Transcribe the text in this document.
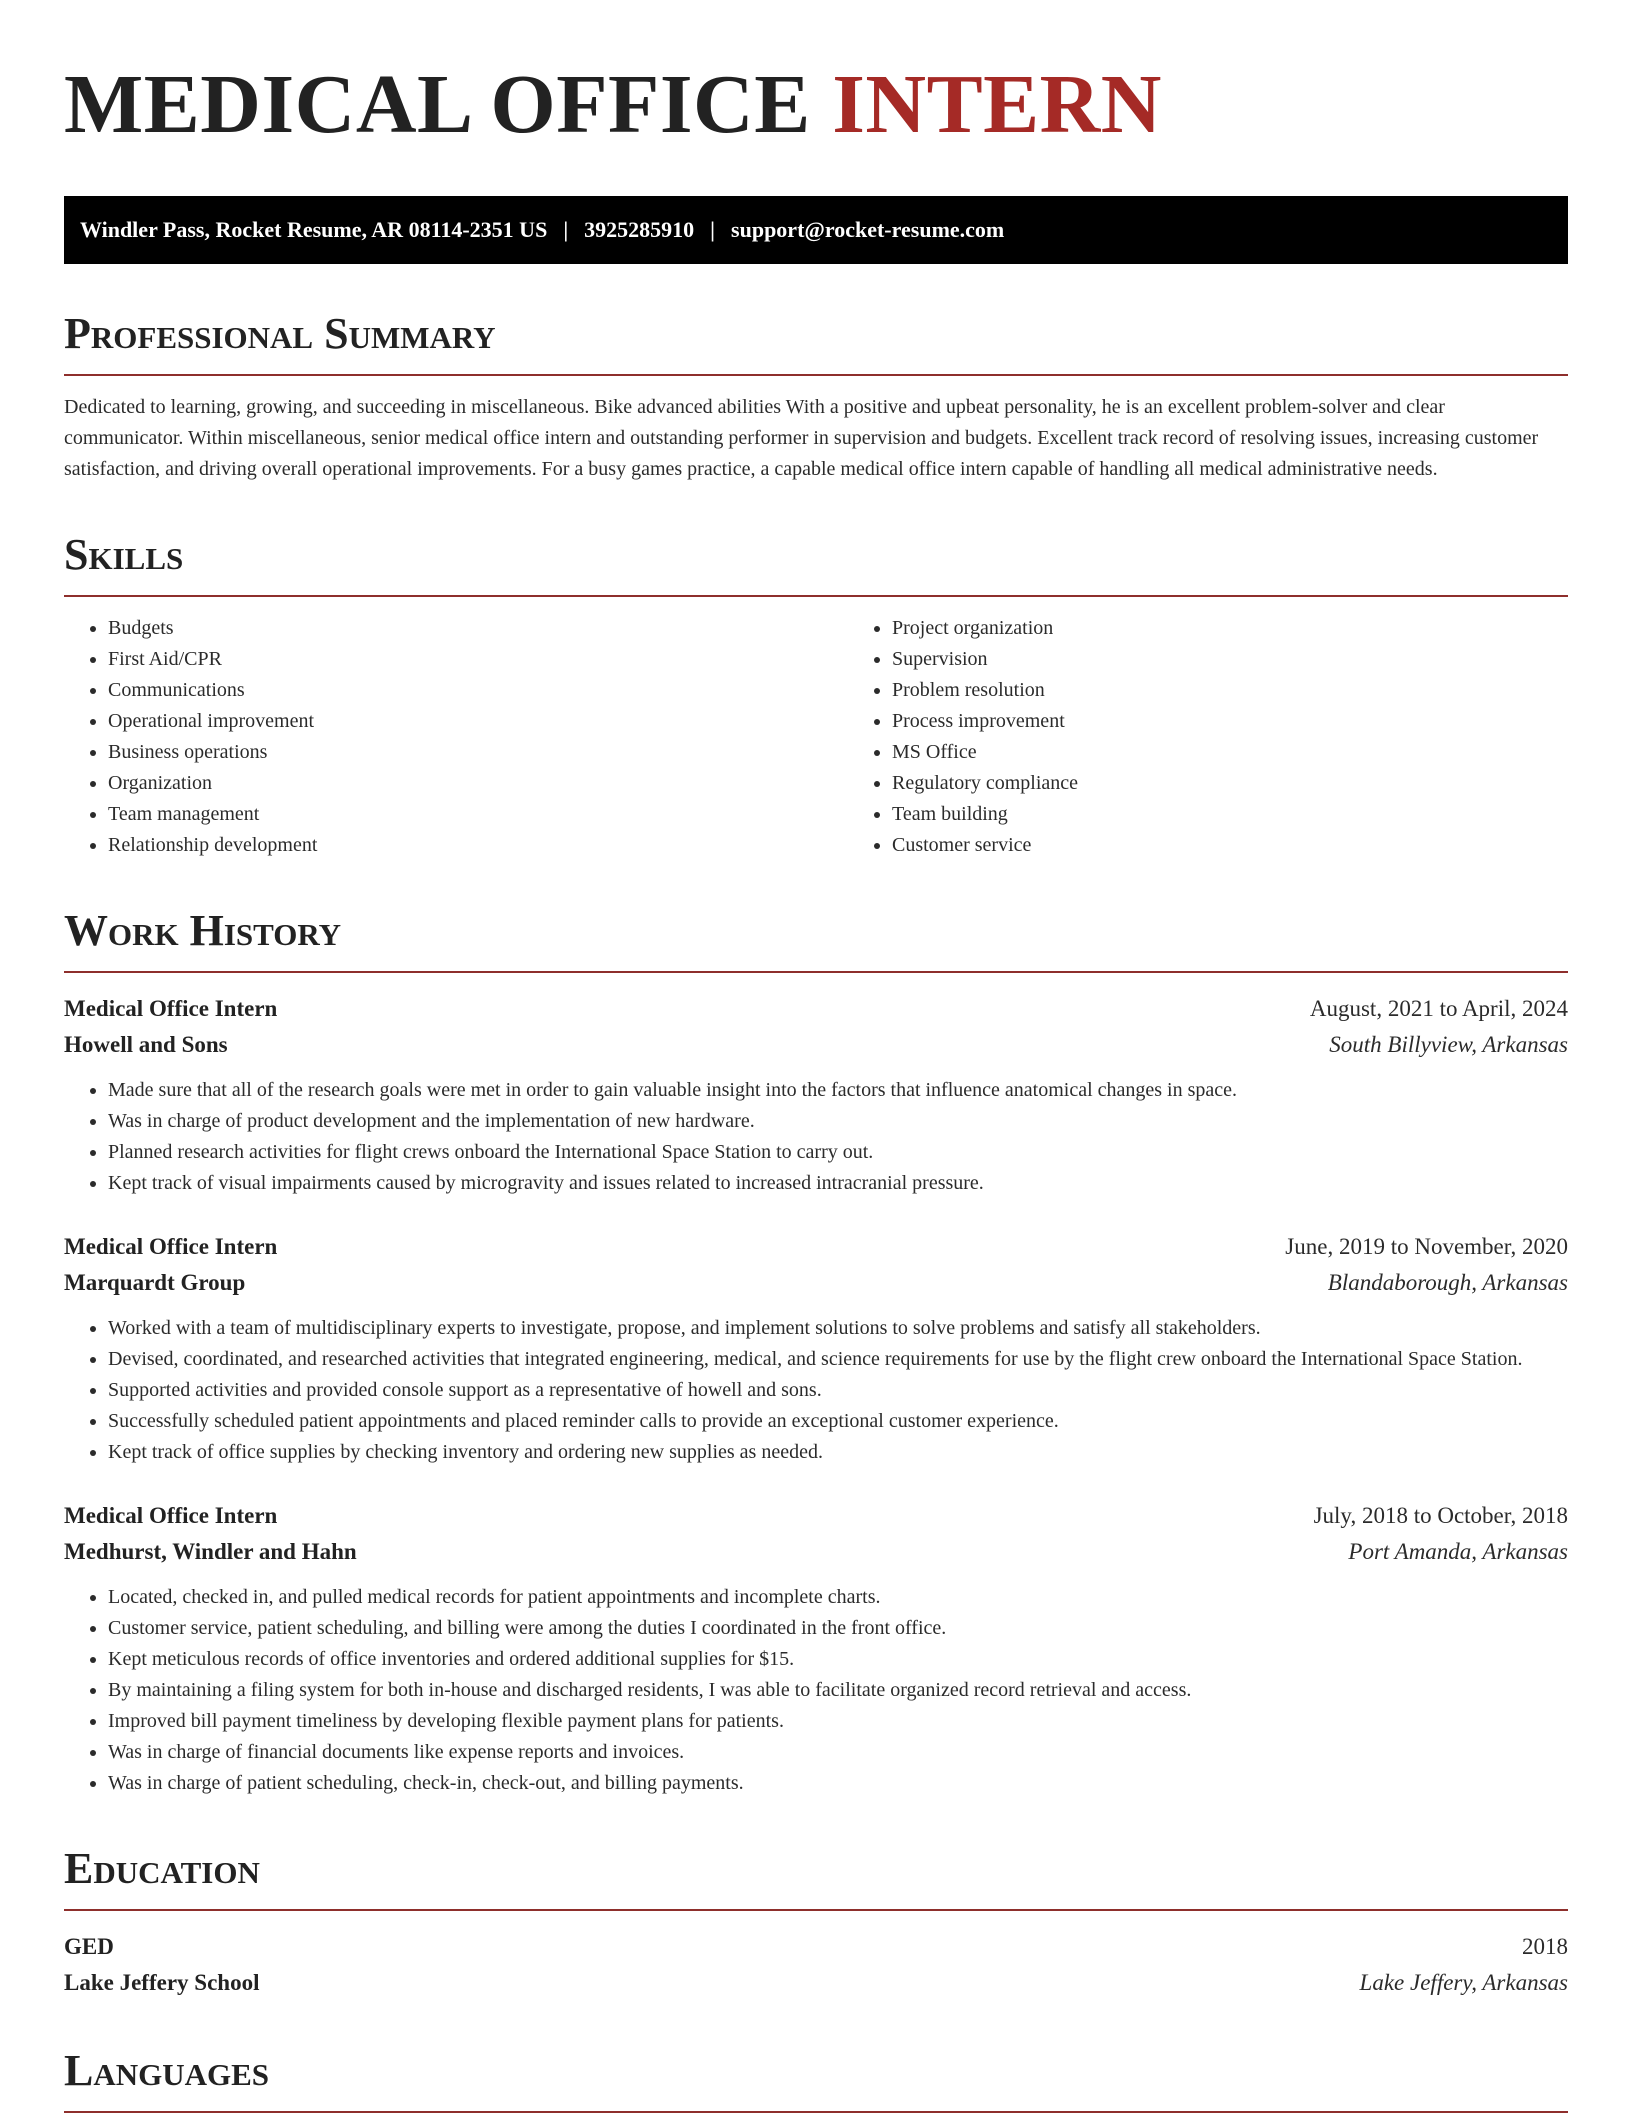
MEDICAL OFFICE INTERN
Windler Pass, Rocket Resume, AR 08114-2351 US | 3925285910 | support@rocket-resume.com
Professional Summary

Dedicated to learning, growing, and succeeding in miscellaneous. Bike advanced abilities With a positive and upbeat personality, he is an excellent problem-solver and clear communicator. Within miscellaneous, senior medical office intern and outstanding performer in supervision and budgets. Excellent track record of resolving issues, increasing customer satisfaction, and driving overall operational improvements. For a busy games practice, a capable medical office intern capable of handling all medical administrative needs.

Skills
• Budgets
• First Aid/CPR
• Communications
• Operational improvement
• Business operations
• Organization
• Team management
• Relationship development
• Project organization
• Supervision
• Problem resolution
• Process improvement
• MS Office
• Regulatory compliance
• Team building
• Customer service
Work History
Medical Office Intern	August, 2021 to April, 2024
Howell and Sons	South Billyview, Arkansas
• Made sure that all of the research goals were met in order to gain valuable insight into the factors that influence anatomical changes in space.
• Was in charge of product development and the implementation of new hardware.
• Planned research activities for flight crews onboard the International Space Station to carry out.
• Kept track of visual impairments caused by microgravity and issues related to increased intracranial pressure.
Medical Office Intern	June, 2019 to November, 2020
Marquardt Group	Blandaborough, Arkansas
• Worked with a team of multidisciplinary experts to investigate, propose, and implement solutions to solve problems and satisfy all stakeholders.
• Devised, coordinated, and researched activities that integrated engineering, medical, and science requirements for use by the flight crew onboard the International Space Station.
• Supported activities and provided console support as a representative of howell and sons.
• Successfully scheduled patient appointments and placed reminder calls to provide an exceptional customer experience.
• Kept track of office supplies by checking inventory and ordering new supplies as needed.
Medical Office Intern	July, 2018 to October, 2018
Medhurst, Windler and Hahn	Port Amanda, Arkansas
• Located, checked in, and pulled medical records for patient appointments and incomplete charts.
• Customer service, patient scheduling, and billing were among the duties I coordinated in the front office.
• Kept meticulous records of office inventories and ordered additional supplies for $15.
• By maintaining a filing system for both in-house and discharged residents, I was able to facilitate organized record retrieval and access.
• Improved bill payment timeliness by developing flexible payment plans for patients.
• Was in charge of financial documents like expense reports and invoices.
• Was in charge of patient scheduling, check-in, check-out, and billing payments.
Education
GED	2018
Lake Jeffery School	Lake Jeffery, Arkansas
Languages
